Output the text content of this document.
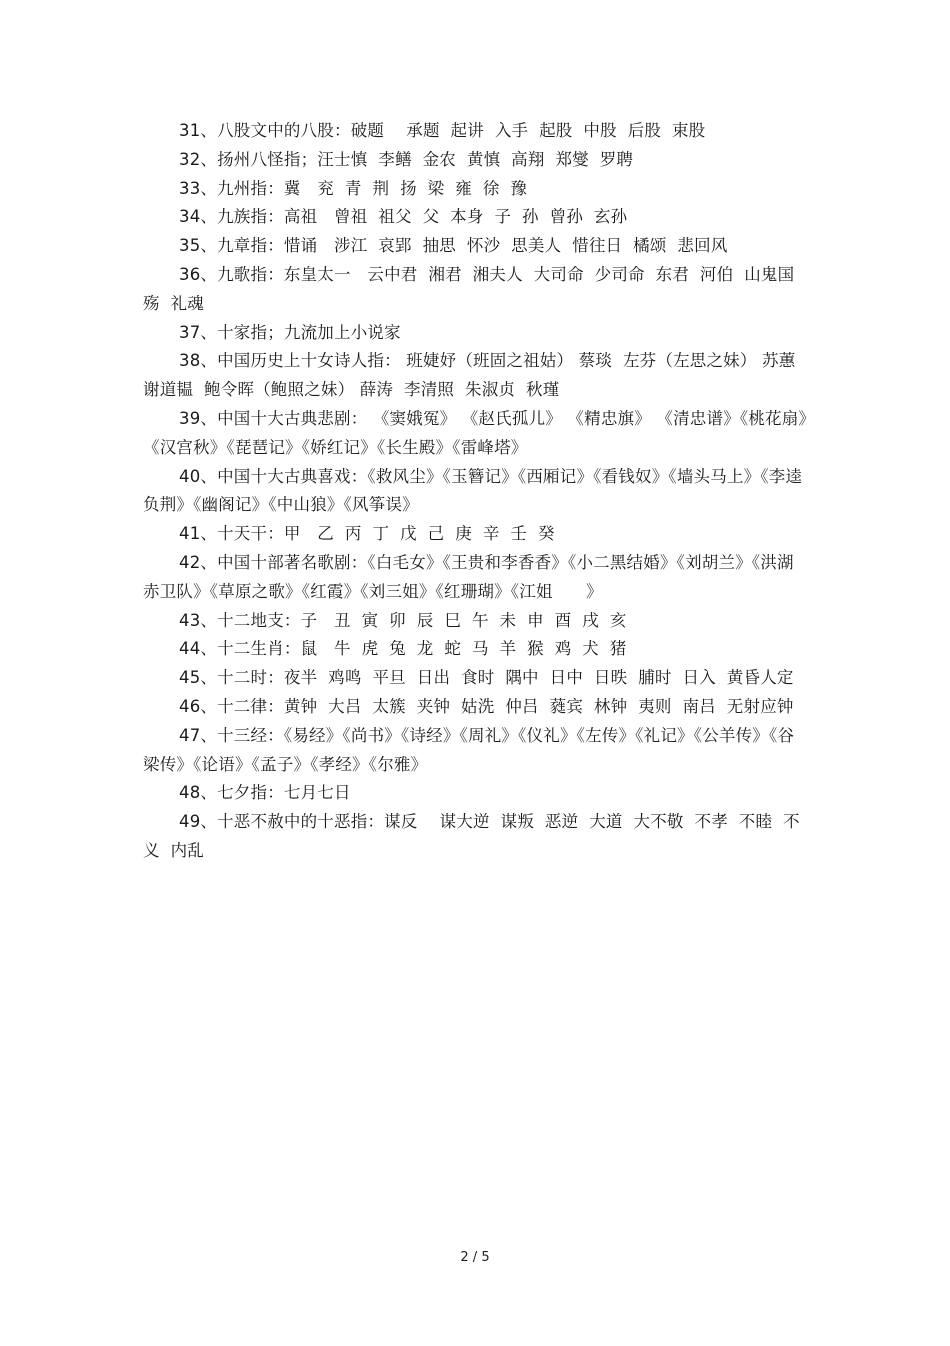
31、八股文中的八股：破题　 承题  起讲  入手  起股  中股  后股  束股

32、扬州八怪指；汪士慎  李鳝  金农  黄慎  高翔  郑燮  罗聘

33、九州指：冀　兖  青  荆  扬  梁  雍  徐  豫

34、九族指：高祖　曾祖  祖父  父  本身  子  孙  曾孙  玄孙

35、九章指：惜诵　涉江  哀郢  抽思  怀沙  思美人  惜往日  橘颂  悲回风

36、九歌指：东皇太一　云中君  湘君  湘夫人  大司命  少司命  东君  河伯  山鬼国殇  礼魂

37、十家指；九流加上小说家

38、中国历史上十女诗人指： 班婕妤（班固之祖姑） 蔡琰  左芬（左思之妹） 苏蕙谢道韫  鲍令晖（鲍照之妹） 薛涛  李清照  朱淑贞  秋瑾

39、中国十大古典悲剧： 《窦娥冤》 《赵氏孤儿》 《精忠旗》 《清忠谱》《桃花扇》《汉宫秋》《琵琶记》《娇红记》《长生殿》《雷峰塔》

40、中国十大古典喜戏：《救风尘》《玉簪记》《西厢记》《看钱奴》《墙头马上》《李逵负荆》《幽阁记》《中山狼》《风筝误》

41、十天干：甲　乙  丙  丁  戊  己  庚  辛  壬  癸

42、中国十部著名歌剧：《白毛女》《王贵和李香香》《小二黑结婚》《刘胡兰》《洪湖赤卫队》《草原之歌》《红霞》《刘三姐》《红珊瑚》《江姐　　》

43、十二地支：子　丑  寅  卯  辰  巳  午  未  申  酉  戌  亥

44、十二生肖：鼠　牛  虎  兔  龙  蛇  马  羊  猴  鸡  犬  猪

45、十二时：夜半  鸡鸣  平旦  日出  食时  隅中  日中  日昳  脯时  日入  黄昏人定

46、十二律：黄钟  大吕  太簇  夹钟  姑洗  仲吕  蕤宾  林钟  夷则  南吕  无射应钟

47、十三经：《易经》《尚书》《诗经》《周礼》《仪礼》《左传》《礼记》《公羊传》《谷梁传》《论语》《孟子》《孝经》《尔雅》

48、七夕指：七月七日

49、十恶不赦中的十恶指：谋反　 谋大逆  谋叛  恶逆  大道  大不敬  不孝  不睦  不义  内乱

2 / 5
